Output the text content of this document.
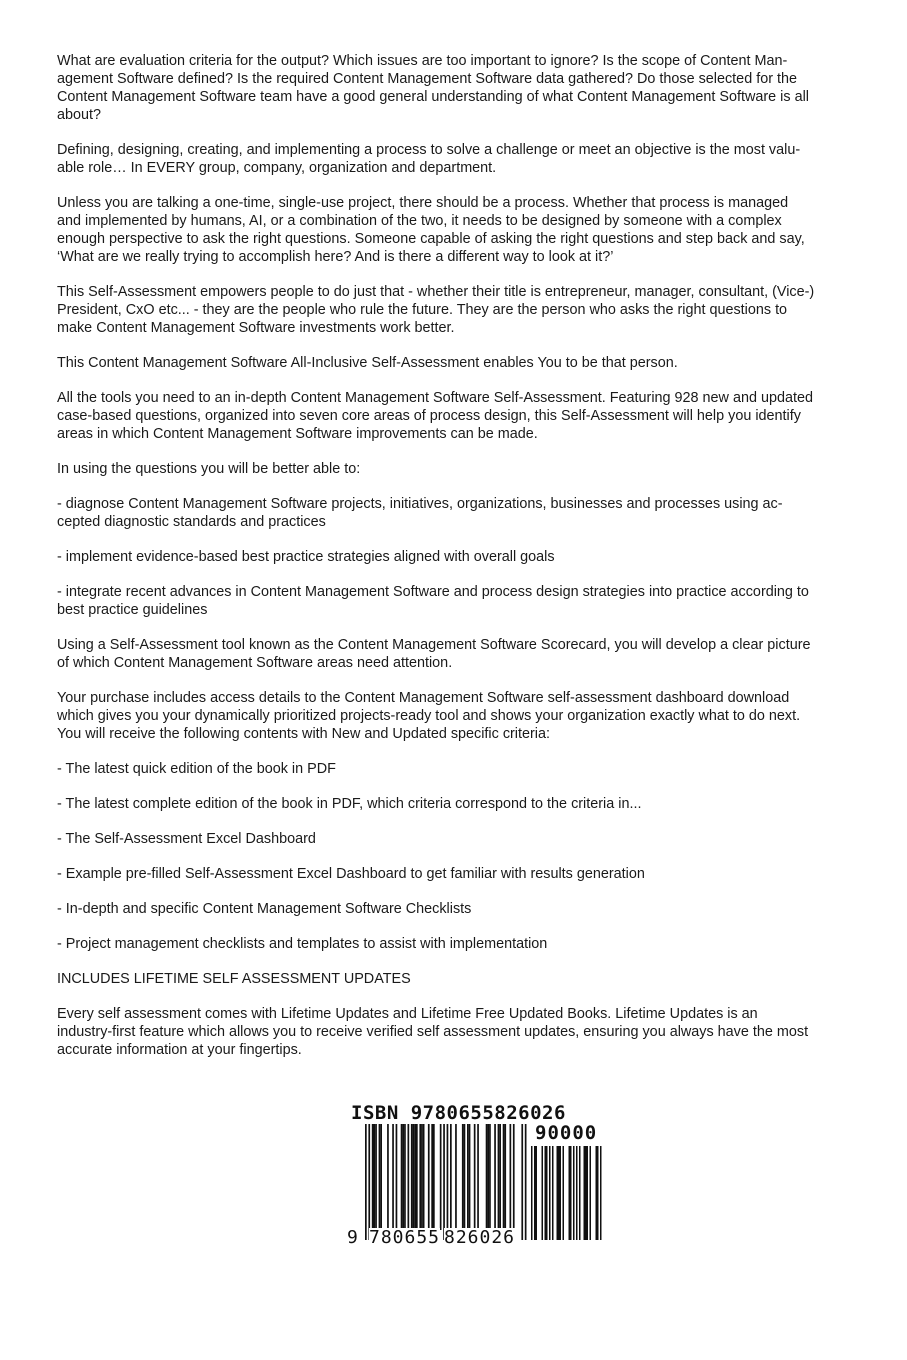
What are evaluation criteria for the output? Which issues are too important to ignore? Is the scope of Content Man-
agement Software defined? Is the required Content Management Software data gathered? Do those selected for the
Content Management Software team have a good general understanding of what Content Management Software is all
about?

Defining, designing, creating, and implementing a process to solve a challenge or meet an objective is the most valu-
able role… In EVERY group, company, organization and department.

Unless you are talking a one-time, single-use project, there should be a process. Whether that process is managed
and implemented by humans, AI, or a combination of the two, it needs to be designed by someone with a complex
enough perspective to ask the right questions. Someone capable of asking the right questions and step back and say,
‘What are we really trying to accomplish here? And is there a different way to look at it?’

This Self-Assessment empowers people to do just that - whether their title is entrepreneur, manager, consultant, (Vice-)
President, CxO etc... - they are the people who rule the future. They are the person who asks the right questions to
make Content Management Software investments work better.

This Content Management Software All-Inclusive Self-Assessment enables You to be that person.

All the tools you need to an in-depth Content Management Software Self-Assessment. Featuring 928 new and updated
case-based questions, organized into seven core areas of process design, this Self-Assessment will help you identify
areas in which Content Management Software improvements can be made.

In using the questions you will be better able to:

- diagnose Content Management Software projects, initiatives, organizations, businesses and processes using ac-
cepted diagnostic standards and practices

- implement evidence-based best practice strategies aligned with overall goals

- integrate recent advances in Content Management Software and process design strategies into practice according to
best practice guidelines

Using a Self-Assessment tool known as the Content Management Software Scorecard, you will develop a clear picture
of which Content Management Software areas need attention.

Your purchase includes access details to the Content Management Software self-assessment dashboard download
which gives you your dynamically prioritized projects-ready tool and shows your organization exactly what to do next.
You will receive the following contents with New and Updated specific criteria:

- The latest quick edition of the book in PDF

- The latest complete edition of the book in PDF, which criteria correspond to the criteria in...

- The Self-Assessment Excel Dashboard

- Example pre-filled Self-Assessment Excel Dashboard to get familiar with results generation

- In-depth and specific Content Management Software Checklists

- Project management checklists and templates to assist with implementation

INCLUDES LIFETIME SELF ASSESSMENT UPDATES

Every self assessment comes with Lifetime Updates and Lifetime Free Updated Books. Lifetime Updates is an
industry-first feature which allows you to receive verified self assessment updates, ensuring you always have the most
accurate information at your fingertips.

ISBN 9780655826026
90000
9 780655 826026
